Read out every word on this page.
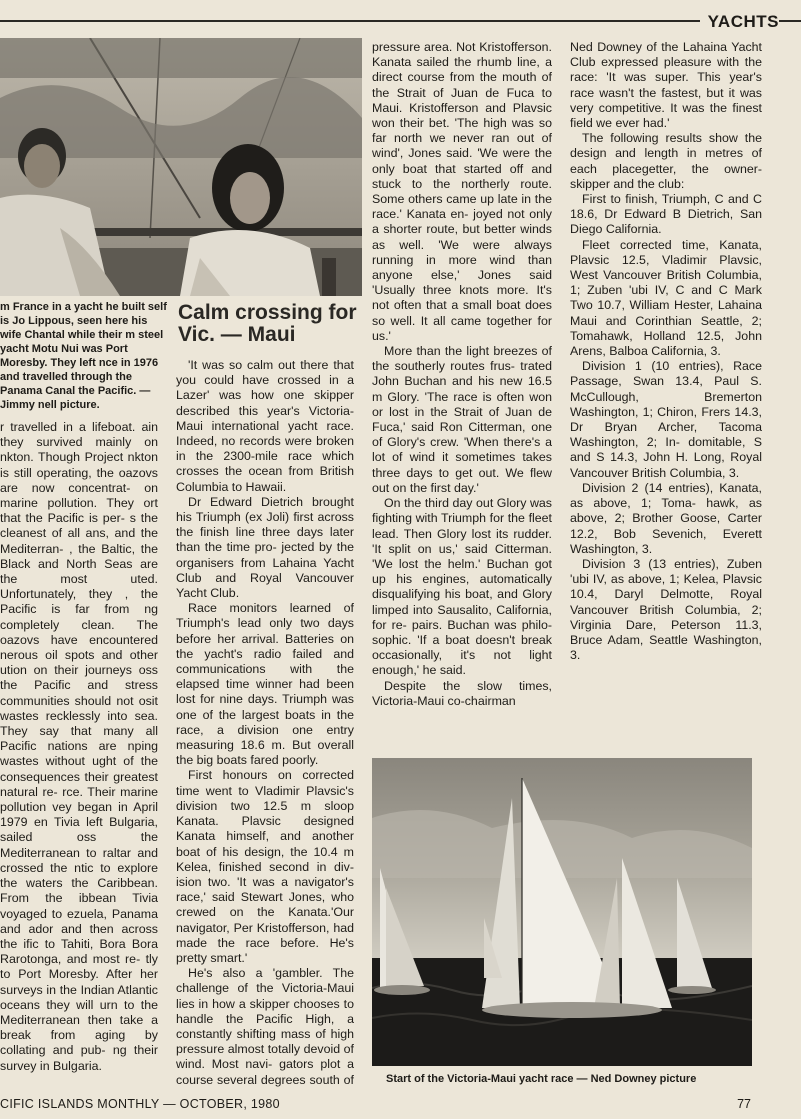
YACHTS
m France in a yacht he built self is Jo Lippous, seen here his wife Chantal while their m steel yacht Motu Nui was Port Moresby. They left nce in 1976 and travelled through the Panama Canal the Pacific. — Jimmy nell picture.

r travelled in a lifeboat. ain they survived mainly on nkton. Though Project nkton is still operating, the oazovs are now concentrat- on marine pollution. They ort that the Pacific is per- s the cleanest of all ans, and the Mediterran- , the Baltic, the Black and North Seas are the most uted. Unfortunately, they , the Pacific is far from ng completely clean. The oazovs have encountered nerous oil spots and other ution on their journeys oss the Pacific and stress communities should not osit wastes recklessly into sea. They say that many all Pacific nations are nping wastes without ught of the consequences their greatest natural re- rce. Their marine pollution vey began in April 1979 en Tivia left Bulgaria, sailed oss the Mediterranean to raltar and crossed the ntic to explore the waters the Caribbean. From the ibbean Tivia voyaged to ezuela, Panama and ador and then across the ific to Tahiti, Bora Bora Rarotonga, and most re- tly to Port Moresby. After her surveys in the Indian Atlantic oceans they will urn to the Mediterranean then take a break from aging by collating and pub- ng their survey in Bulgaria.

Calm crossing for Vic. — Maui

'It was so calm out there that you could have crossed in a Lazer' was how one skipper described this year's Victoria-Maui international yacht race. Indeed, no records were broken in the 2300-mile race which crosses the ocean from British Columbia to Hawaii.

Dr Edward Dietrich brought his Triumph (ex Joli) first across the finish line three days later than the time pro- jected by the organisers from Lahaina Yacht Club and Royal Vancouver Yacht Club.

Race monitors learned of Triumph's lead only two days before her arrival. Batteries on the yacht's radio failed and communications with the elapsed time winner had been lost for nine days. Triumph was one of the largest boats in the race, a division one entry measuring 18.6 m. But overall the big boats fared poorly.

First honours on corrected time went to Vladimir Plavsic's division two 12.5 m sloop Kanata. Plavsic designed Kanata himself, and another boat of his design, the 10.4 m Kelea, finished second in div- ision two. 'It was a navigator's race,' said Stewart Jones, who crewed on the Kanata.'Our navigator, Per Kristofferson, had made the race before. He's pretty smart.'

He's also a 'gambler. The challenge of the Victoria-Maui lies in how a skipper chooses to handle the Pacific High, a constantly shifting mass of high pressure almost totally devoid of wind. Most navi- gators plot a course several degrees south of

pressure area. Not Kristofferson. Kanata sailed the rhumb line, a direct course from the mouth of the Strait of Juan de Fuca to Maui. Kristofferson and Plavsic won their bet. 'The high was so far north we never ran out of wind', Jones said. 'We were the only boat that started off and stuck to the northerly route. Some others came up late in the race.' Kanata en- joyed not only a shorter route, but better winds as well. 'We were always running in more wind than anyone else,' Jones said 'Usually three knots more. It's not often that a small boat does so well. It all came together for us.'

More than the light breezes of the southerly routes frus- trated John Buchan and his new 16.5 m Glory. 'The race is often won or lost in the Strait of Juan de Fuca,' said Ron Citterman, one of Glory's crew. 'When there's a lot of wind it sometimes takes three days to get out. We flew out on the first day.'

On the third day out Glory was fighting with Triumph for the fleet lead. Then Glory lost its rudder. 'It split on us,' said Citterman. 'We lost the helm.' Buchan got up his engines, automatically disqualifying his boat, and Glory limped into Sausalito, California, for re- pairs. Buchan was philo- sophic. 'If a boat doesn't break occasionally, it's not light enough,' he said.

Despite the slow times, Victoria-Maui co-chairman

Ned Downey of the Lahaina Yacht Club expressed pleasure with the race: 'It was super. This year's race wasn't the fastest, but it was very competitive. It was the finest field we ever had.'

The following results show the design and length in metres of each placegetter, the owner-skipper and the club:

First to finish, Triumph, C and C 18.6, Dr Edward B Dietrich, San Diego California.

Fleet corrected time, Kanata, Plavsic 12.5, Vladimir Plavsic, West Vancouver British Columbia, 1; Zuben 'ubi IV, C and C Mark Two 10.7, William Hester, Lahaina Maui and Corinthian Seattle, 2; Tomahawk, Holland 12.5, John Arens, Balboa California, 3.

Division 1 (10 entries), Race Passage, Swan 13.4, Paul S. McCullough, Bremerton Washington, 1; Chiron, Frers 14.3, Dr Bryan Archer, Tacoma Washington, 2; In- domitable, S and S 14.3, John H. Long, Royal Vancouver British Columbia, 3.

Division 2 (14 entries), Kanata, as above, 1; Toma- hawk, as above, 2; Brother Goose, Carter 12.2, Bob Sevenich, Everett Washington, 3.

Division 3 (13 entries), Zuben 'ubi IV, as above, 1; Kelea, Plavsic 10.4, Daryl Delmotte, Royal Vancouver British Columbia, 2; Virginia Dare, Peterson 11.3, Bruce Adam, Seattle Washington, 3.

Start of the Victoria-Maui yacht race — Ned Downey picture
CIFIC ISLANDS MONTHLY — OCTOBER, 1980	77
